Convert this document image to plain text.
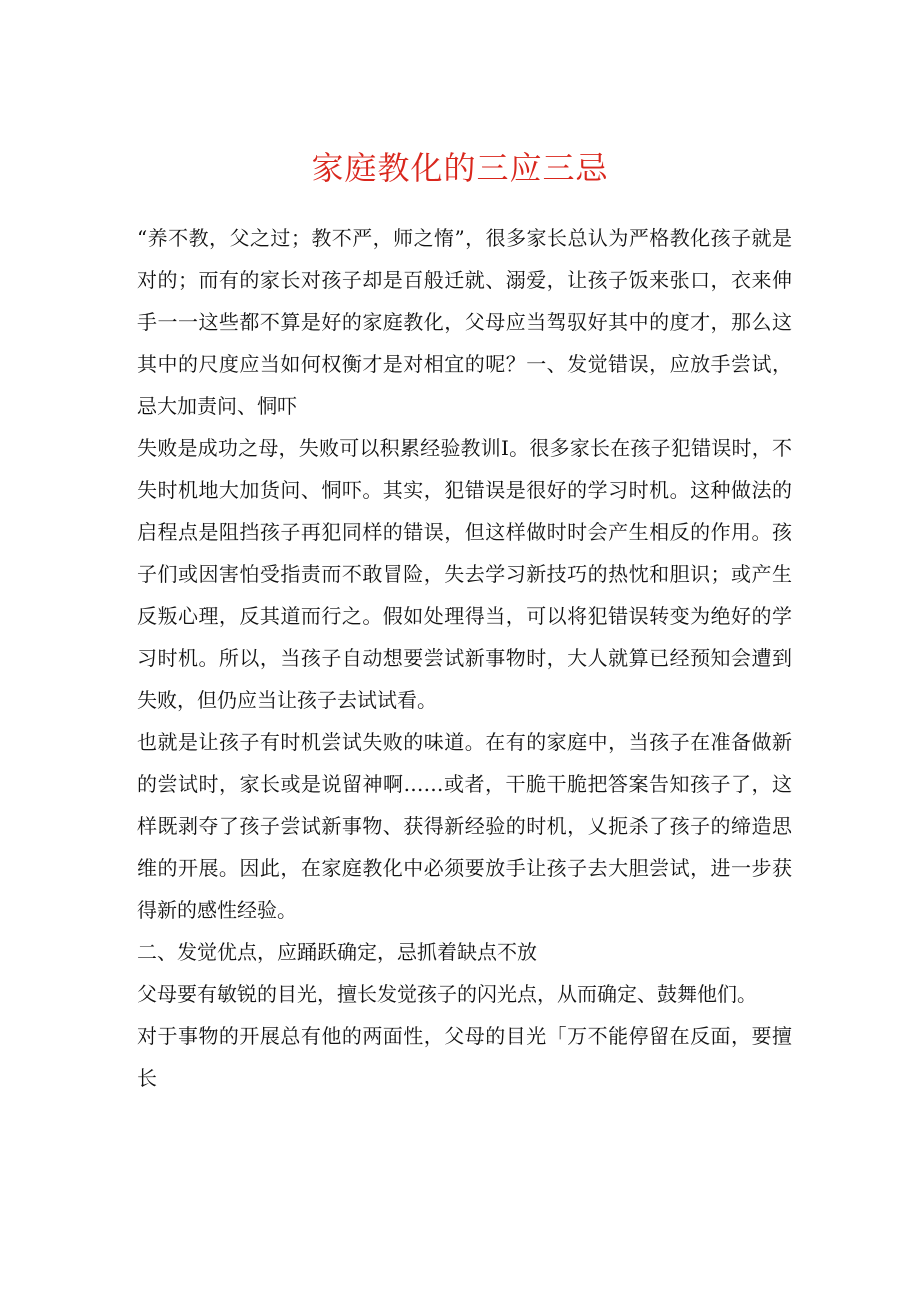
家庭教化的三应三忌

“养不教，父之过；教不严，师之惰”，很多家长总认为严格教化孩子就是对的；而有的家长对孩子却是百般迁就、溺爱，让孩子饭来张口，衣来伸手一一这些都不算是好的家庭教化，父母应当驾驭好其中的度才，那么这其中的尺度应当如何权衡才是对相宜的呢？一、发觉错误，应放手尝试，忌大加责问、恫吓

失败是成功之母，失败可以积累经验教训I。很多家长在孩子犯错误时，不失时机地大加货问、恫吓。其实，犯错误是很好的学习时机。这种做法的启程点是阻挡孩子再犯同样的错误，但这样做时时会产生相反的作用。孩子们或因害怕受指责而不敢冒险，失去学习新技巧的热忱和胆识；或产生反叛心理，反其道而行之。假如处理得当，可以将犯错误转变为绝好的学习时机。所以，当孩子自动想要尝试新事物时，大人就算已经预知会遭到失败，但仍应当让孩子去试试看。

也就是让孩子有时机尝试失败的味道。在有的家庭中，当孩子在准备做新的尝试时，家长或是说留神啊……或者，干脆干脆把答案告知孩子了，这样既剥夺了孩子尝试新事物、获得新经验的时机，乂扼杀了孩子的缔造思维的开展。因此，在家庭教化中必须要放手让孩子去大胆尝试，进一步获得新的感性经验。

二、发觉优点，应踊跃确定，忌抓着缺点不放

父母要有敏锐的目光，擅长发觉孩子的闪光点，从而确定、鼓舞他们。

对于事物的开展总有他的两面性，父母的目光「万不能停留在反面，要擅长
